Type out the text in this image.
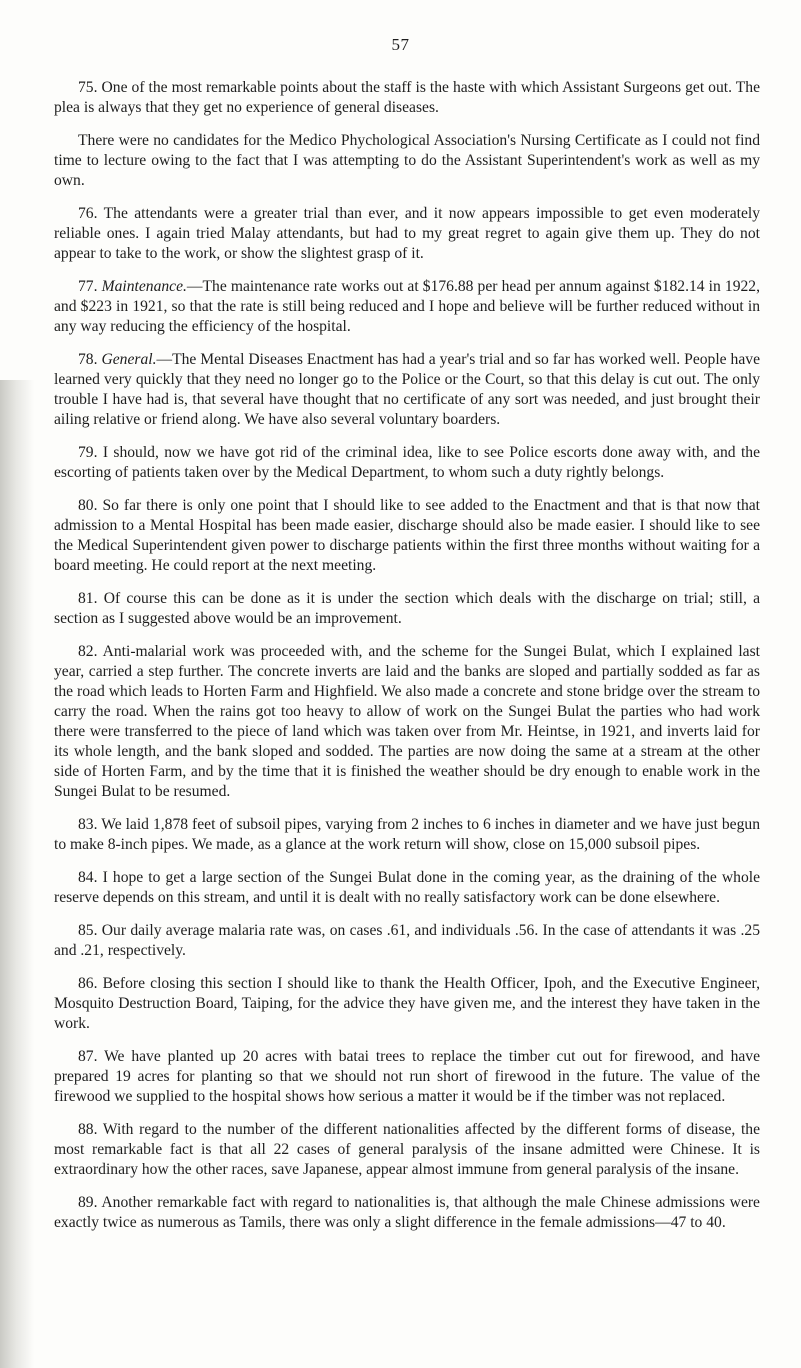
57

75. One of the most remarkable points about the staff is the haste with which Assistant Surgeons get out. The plea is always that they get no experience of general diseases.

There were no candidates for the Medico Phychological Association's Nursing Certificate as I could not find time to lecture owing to the fact that I was attempting to do the Assistant Superintendent's work as well as my own.

76. The attendants were a greater trial than ever, and it now appears impossible to get even moderately reliable ones. I again tried Malay attendants, but had to my great regret to again give them up. They do not appear to take to the work, or show the slightest grasp of it.

77. Maintenance.—The maintenance rate works out at $176.88 per head per annum against $182.14 in 1922, and $223 in 1921, so that the rate is still being reduced and I hope and believe will be further reduced without in any way reducing the efficiency of the hospital.

78. General.—The Mental Diseases Enactment has had a year's trial and so far has worked well. People have learned very quickly that they need no longer go to the Police or the Court, so that this delay is cut out. The only trouble I have had is, that several have thought that no certificate of any sort was needed, and just brought their ailing relative or friend along. We have also several voluntary boarders.

79. I should, now we have got rid of the criminal idea, like to see Police escorts done away with, and the escorting of patients taken over by the Medical Department, to whom such a duty rightly belongs.

80. So far there is only one point that I should like to see added to the Enactment and that is that now that admission to a Mental Hospital has been made easier, discharge should also be made easier. I should like to see the Medical Superintendent given power to discharge patients within the first three months without waiting for a board meeting. He could report at the next meeting.

81. Of course this can be done as it is under the section which deals with the discharge on trial; still, a section as I suggested above would be an improvement.

82. Anti-malarial work was proceeded with, and the scheme for the Sungei Bulat, which I explained last year, carried a step further. The concrete inverts are laid and the banks are sloped and partially sodded as far as the road which leads to Horten Farm and Highfield. We also made a concrete and stone bridge over the stream to carry the road. When the rains got too heavy to allow of work on the Sungei Bulat the parties who had work there were transferred to the piece of land which was taken over from Mr. Heintse, in 1921, and inverts laid for its whole length, and the bank sloped and sodded. The parties are now doing the same at a stream at the other side of Horten Farm, and by the time that it is finished the weather should be dry enough to enable work in the Sungei Bulat to be resumed.

83. We laid 1,878 feet of subsoil pipes, varying from 2 inches to 6 inches in diameter and we have just begun to make 8-inch pipes. We made, as a glance at the work return will show, close on 15,000 subsoil pipes.

84. I hope to get a large section of the Sungei Bulat done in the coming year, as the draining of the whole reserve depends on this stream, and until it is dealt with no really satisfactory work can be done elsewhere.

85. Our daily average malaria rate was, on cases .61, and individuals .56. In the case of attendants it was .25 and .21, respectively.

86. Before closing this section I should like to thank the Health Officer, Ipoh, and the Executive Engineer, Mosquito Destruction Board, Taiping, for the advice they have given me, and the interest they have taken in the work.

87. We have planted up 20 acres with batai trees to replace the timber cut out for firewood, and have prepared 19 acres for planting so that we should not run short of firewood in the future. The value of the firewood we supplied to the hospital shows how serious a matter it would be if the timber was not replaced.

88. With regard to the number of the different nationalities affected by the different forms of disease, the most remarkable fact is that all 22 cases of general paralysis of the insane admitted were Chinese. It is extraordinary how the other races, save Japanese, appear almost immune from general paralysis of the insane.

89. Another remarkable fact with regard to nationalities is, that although the male Chinese admissions were exactly twice as numerous as Tamils, there was only a slight difference in the female admissions—47 to 40.
